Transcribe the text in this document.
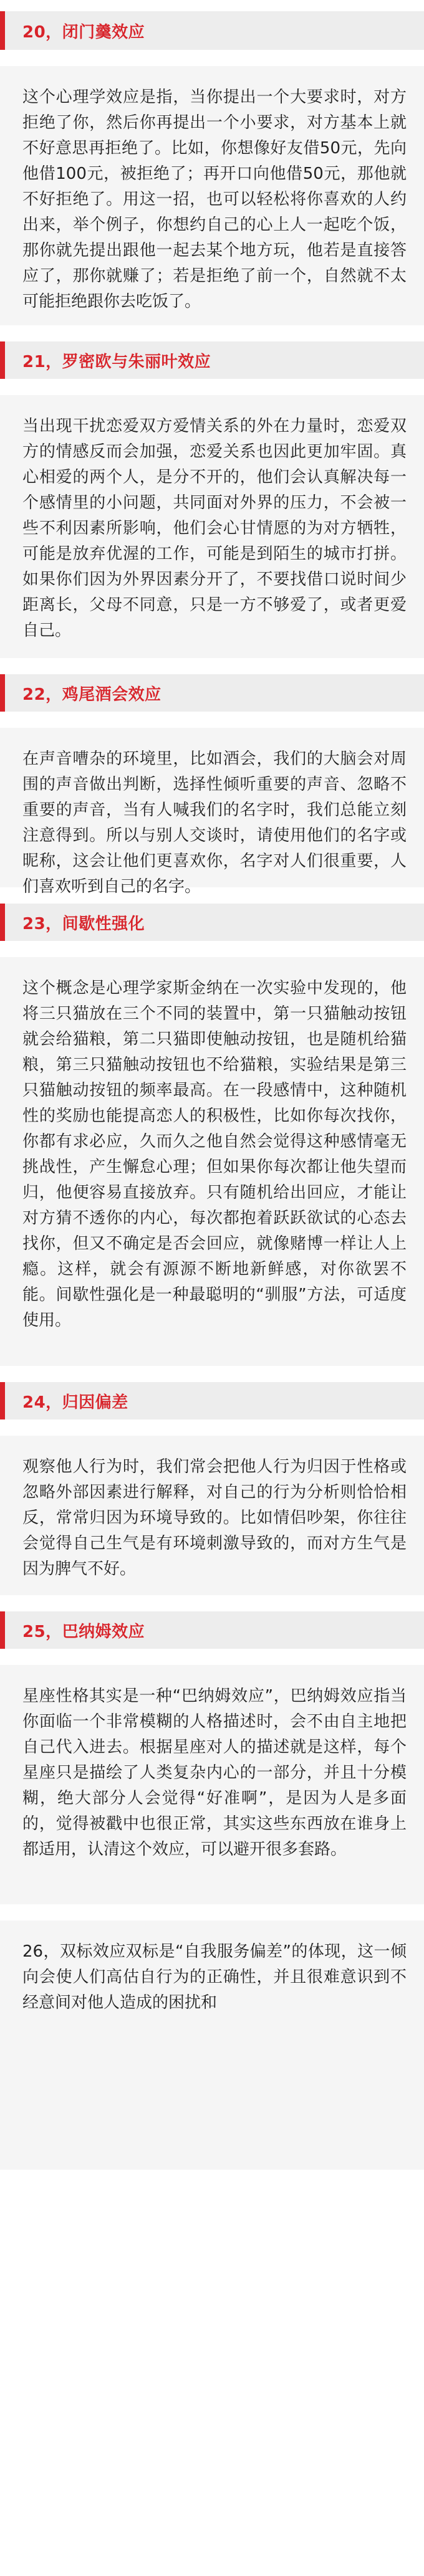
20，闭门羹效应

这个心理学效应是指，当你提出一个大要求时，对方拒绝了你，然后你再提出一个小要求，对方基本上就不好意思再拒绝了。比如，你想像好友借50元，先向他借100元，被拒绝了；再开口向他借50元，那他就不好拒绝了。用这一招，也可以轻松将你喜欢的人约出来，举个例子，你想约自己的心上人一起吃个饭，那你就先提出跟他一起去某个地方玩，他若是直接答应了，那你就赚了；若是拒绝了前一个，自然就不太可能拒绝跟你去吃饭了。

21，罗密欧与朱丽叶效应

当出现干扰恋爱双方爱情关系的外在力量时，恋爱双方的情感反而会加强，恋爱关系也因此更加牢固。真心相爱的两个人，是分不开的，他们会认真解决每一个感情里的小问题，共同面对外界的压力，不会被一些不利因素所影响，他们会心甘情愿的为对方牺牲，可能是放弃优渥的工作，可能是到陌生的城市打拼。如果你们因为外界因素分开了，不要找借口说时间少距离长，父母不同意，只是一方不够爱了，或者更爱自己。

22，鸡尾酒会效应

在声音嘈杂的环境里，比如酒会，我们的大脑会对周围的声音做出判断，选择性倾听重要的声音、忽略不重要的声音，当有人喊我们的名字时，我们总能立刻注意得到。所以与别人交谈时，请使用他们的名字或昵称，这会让他们更喜欢你，名字对人们很重要，人们喜欢听到自己的名字。

23，间歇性强化

这个概念是心理学家斯金纳在一次实验中发现的，他将三只猫放在三个不同的装置中，第一只猫触动按钮就会给猫粮，第二只猫即使触动按钮，也是随机给猫粮，第三只猫触动按钮也不给猫粮，实验结果是第三只猫触动按钮的频率最高。在一段感情中，这种随机性的奖励也能提高恋人的积极性，比如你每次找你，你都有求必应，久而久之他自然会觉得这种感情毫无挑战性，产生懈怠心理；但如果你每次都让他失望而归，他便容易直接放弃。只有随机给出回应，才能让对方猜不透你的内心，每次都抱着跃跃欲试的心态去找你，但又不确定是否会回应，就像赌博一样让人上瘾。这样，就会有源源不断地新鲜感，对你欲罢不能。间歇性强化是一种最聪明的“驯服”方法，可适度使用。

24，归因偏差

观察他人行为时，我们常会把他人行为归因于性格或忽略外部因素进行解释，对自己的行为分析则恰恰相反，常常归因为环境导致的。比如情侣吵架，你往往会觉得自己生气是有环境刺激导致的，而对方生气是因为脾气不好。

25，巴纳姆效应

星座性格其实是一种“巴纳姆效应”，巴纳姆效应指当你面临一个非常模糊的人格描述时，会不由自主地把自己代入进去。根据星座对人的描述就是这样，每个星座只是描绘了人类复杂内心的一部分，并且十分模糊，绝大部分人会觉得“好准啊”，是因为人是多面的，觉得被戳中也很正常，其实这些东西放在谁身上都适用，认清这个效应，可以避开很多套路。

26，双标效应双标是“自我服务偏差”的体现，这一倾向会使人们高估自行为的正确性，并且很难意识到不经意间对他人造成的困扰和
